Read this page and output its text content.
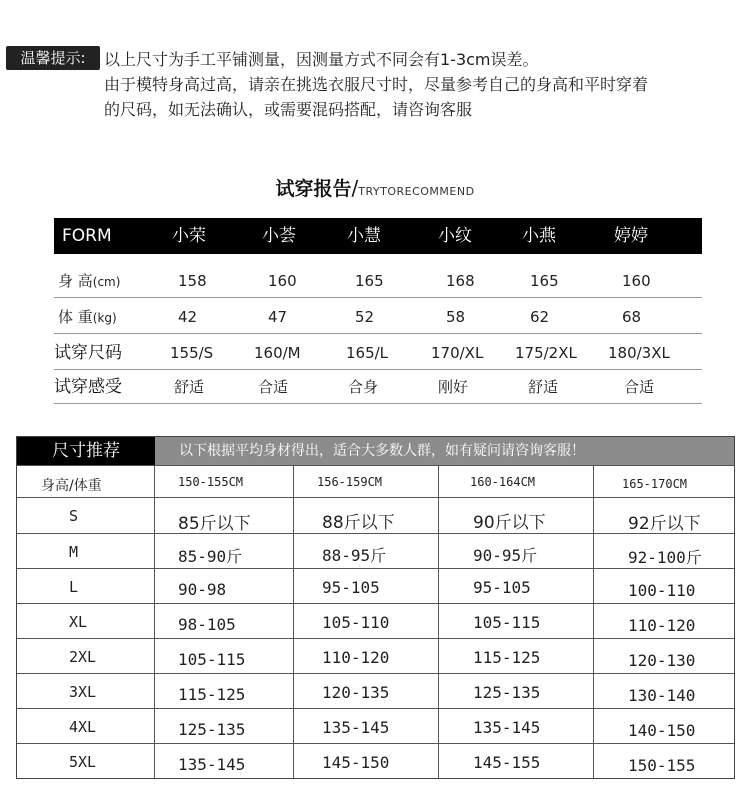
温馨提示:	以上尺寸为手工平铺测量，因测量方式不同会有1-3cm误差。
由于模特身高过高，请亲在挑选衣服尺寸时，尽量参考自己的身高和平时穿着
的尺码，如无法确认，或需要混码搭配，请咨询客服
试穿报告/TRYTORECOMMEND
FORM	小荣	小荟	小慧	小纹	小燕	婷婷
身 高(cm)	158	160	165	168	165	160
体 重(kg)	42	47	52	58	62	68
试穿尺码	155/S	160/M	165/L	170/XL 175/2XL 180/3XL
试穿感受	舒适	合适	合身	刚好	舒适	合适
尺寸推荐	以下根据平均身材得出，适合大多数人群，如有疑问请咨询客服！
身高/体重	150-155CM	156-159CM	160-164CM	165-170CM
S	85斤以下	88斤以下	90斤以下	92斤以下
M	85-90斤	88-95斤	90-95斤	92-100斤
L	90-98	95-105	95-105	100-110
XL	98-105	105-110	105-115	110-120
2XL	105-115	110-120	115-125	120-130
3XL	115-125	120-135	125-135	130-140
4XL	125-135	135-145	135-145	140-150
5XL	135-145	145-150	145-155	150-155
